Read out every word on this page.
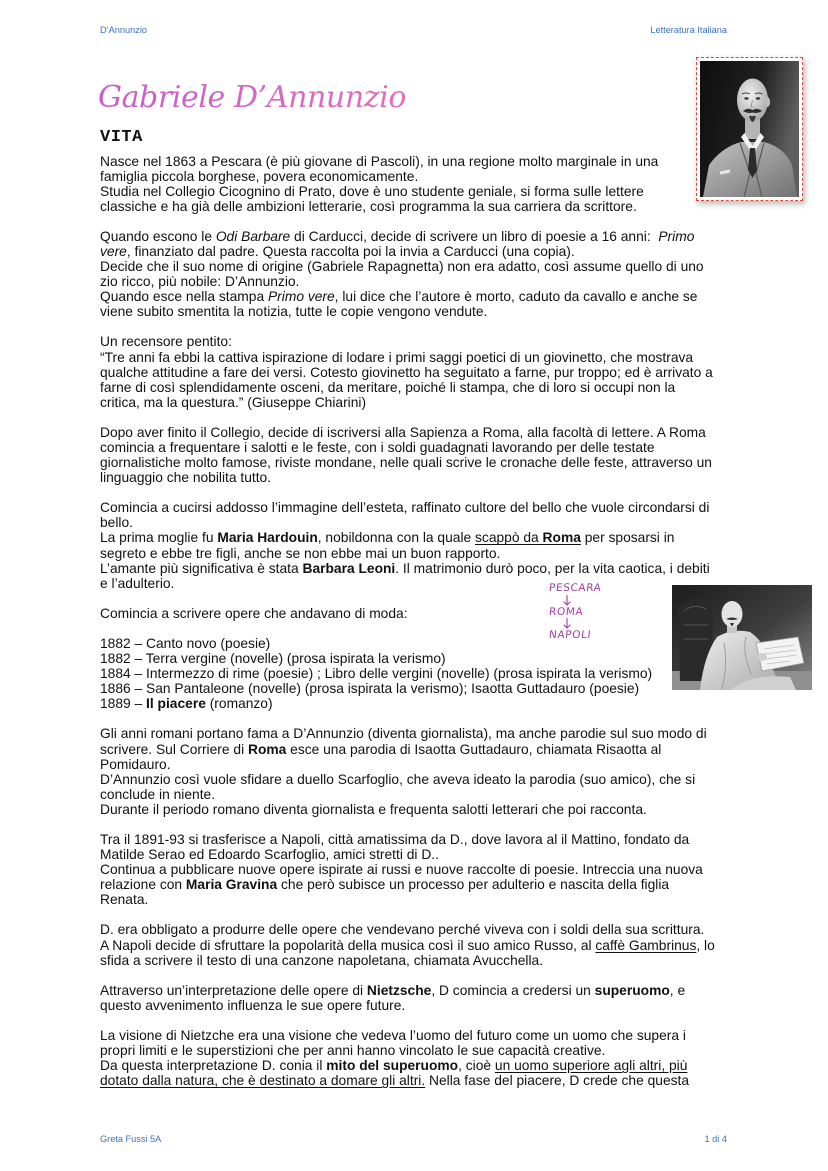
D’Annunzio	Letteratura Italiana
Gabriele D’Annunzio
VITA
Nasce nel 1863 a Pescara (è più giovane di Pascoli), in una regione molto marginale in una
famiglia piccola borghese, povera economicamente.
Studia nel Collegio Cicognino di Prato, dove è uno studente geniale, si forma sulle lettere
classiche e ha già delle ambizioni letterarie, così programma la sua carriera da scrittore.
Quando escono le Odi Barbare di Carducci, decide di scrivere un libro di poesie a 16 anni:  Primo
vere, finanziato dal padre. Questa raccolta poi la invia a Carducci (una copia).
Decide che il suo nome di origine (Gabriele Rapagnetta) non era adatto, così assume quello di uno
zio ricco, più nobile: D’Annunzio.
Quando esce nella stampa Primo vere, lui dice che l’autore è morto, caduto da cavallo e anche se
viene subito smentita la notizia, tutte le copie vengono vendute.
Un recensore pentito:
“Tre anni fa ebbi la cattiva ispirazione di lodare i primi saggi poetici di un giovinetto, che mostrava
qualche attitudine a fare dei versi. Cotesto giovinetto ha seguitato a farne, pur troppo; ed è arrivato a
farne di così splendidamente osceni, da meritare, poiché li stampa, che di loro si occupi non la
critica, ma la questura.” (Giuseppe Chiarini)
Dopo aver finito il Collegio, decide di iscriversi alla Sapienza a Roma, alla facoltà di lettere. A Roma
comincia a frequentare i salotti e le feste, con i soldi guadagnati lavorando per delle testate
giornalistiche molto famose, riviste mondane, nelle quali scrive le cronache delle feste, attraverso un
linguaggio che nobilita tutto.
Comincia a cucirsi addosso l’immagine dell’esteta, raffinato cultore del bello che vuole circondarsi di
bello.
La prima moglie fu Maria Hardouin, nobildonna con la quale scappò da Roma per sposarsi in
segreto e ebbe tre figli, anche se non ebbe mai un buon rapporto.
L’amante più significativa è stata Barbara Leoni. Il matrimonio durò poco, per la vita caotica, i debiti
e l’adulterio.
Comincia a scrivere opere che andavano di moda:
1882 – Canto novo (poesie)
1882 – Terra vergine (novelle) (prosa ispirata la verismo)
1884 – Intermezzo di rime (poesie) ; Libro delle vergini (novelle) (prosa ispirata la verismo)
1886 – San Pantaleone (novelle) (prosa ispirata la verismo); Isaotta Guttadauro (poesie)
1889 – Il piacere (romanzo)
Gli anni romani portano fama a D’Annunzio (diventa giornalista), ma anche parodie sul suo modo di
scrivere. Sul Corriere di Roma esce una parodia di Isaotta Guttadauro, chiamata Risaotta al
Pomidauro.
D’Annunzio così vuole sfidare a duello Scarfoglio, che aveva ideato la parodia (suo amico), che si
conclude in niente.
Durante il periodo romano diventa giornalista e frequenta salotti letterari che poi racconta.
Tra il 1891-93 si trasferisce a Napoli, città amatissima da D., dove lavora al il Mattino, fondato da
Matilde Serao ed Edoardo Scarfoglio, amici stretti di D..
Continua a pubblicare nuove opere ispirate ai russi e nuove raccolte di poesie. Intreccia una nuova
relazione con Maria Gravina che però subisce un processo per adulterio e nascita della figlia
Renata.
D. era obbligato a produrre delle opere che vendevano perché viveva con i soldi della sua scrittura.
A Napoli decide di sfruttare la popolarità della musica così il suo amico Russo, al caffè Gambrinus, lo
sfida a scrivere il testo di una canzone napoletana, chiamata Avucchella.
Attraverso un’interpretazione delle opere di Nietzsche, D comincia a credersi un superuomo, e
questo avvenimento influenza le sue opere future.
La visione di Nietzche era una visione che vedeva l’uomo del futuro come un uomo che supera i
propri limiti e le superstizioni che per anni hanno vincolato le sue capacità creative.
Da questa interpretazione D. conia il mito del superuomo, cioè un uomo superiore agli altri, più
dotato dalla natura, che è destinato a domare gli altri. Nella fase del piacere, D crede che questa
PESCARA
ROMA
NAPOLI
Greta Fussi 5A	1 di 4
